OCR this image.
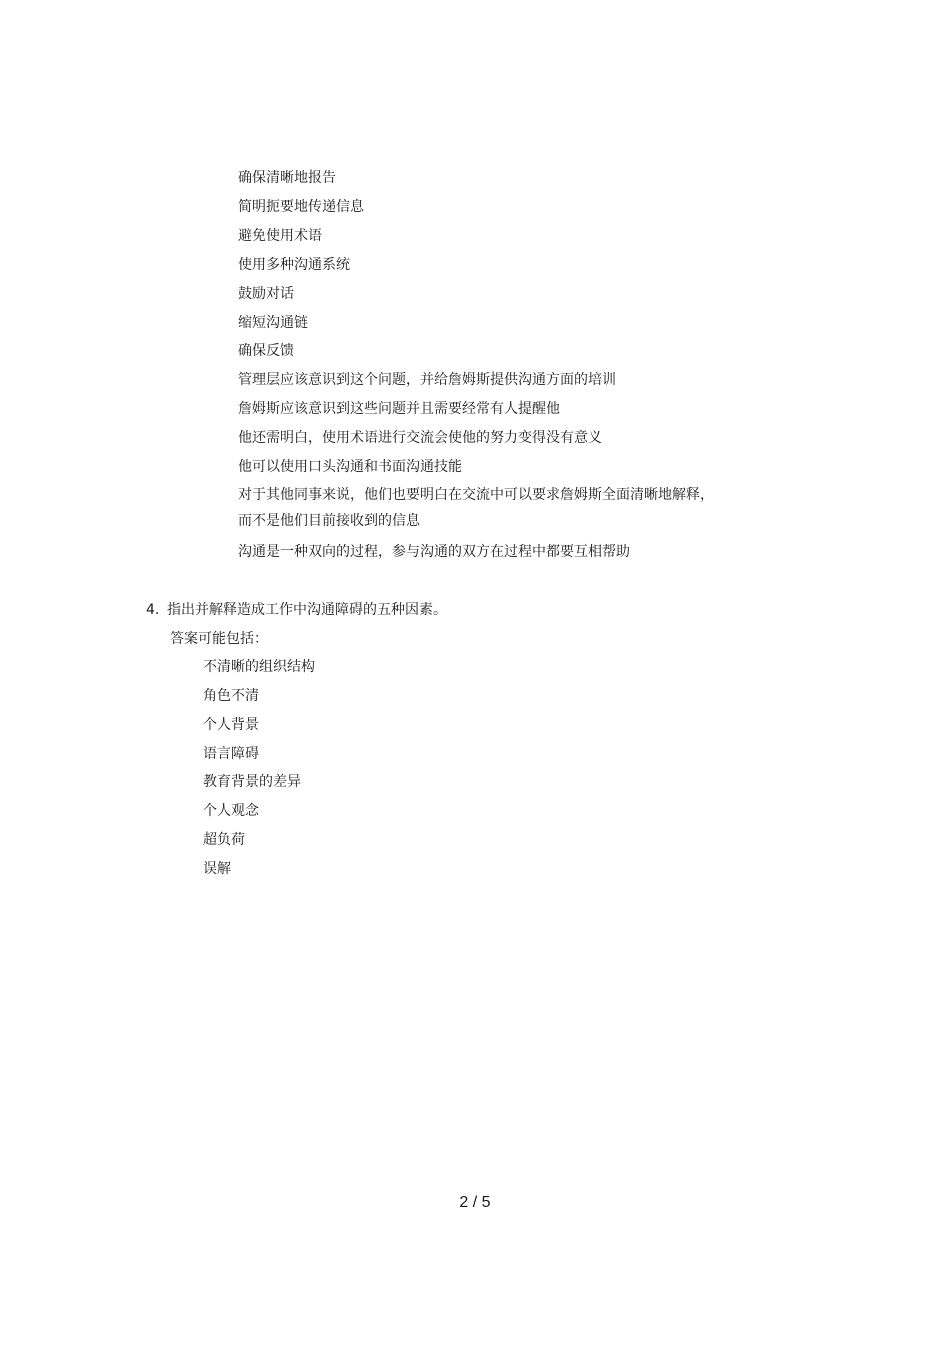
确保清晰地报告
简明扼要地传递信息
避免使用术语
使用多种沟通系统
鼓励对话
缩短沟通链
确保反馈
管理层应该意识到这个问题，并给詹姆斯提供沟通方面的培训
詹姆斯应该意识到这些问题并且需要经常有人提醒他
他还需明白，使用术语进行交流会使他的努力变得没有意义
他可以使用口头沟通和书面沟通技能
对于其他同事来说，他们也要明白在交流中可以要求詹姆斯全面清晰地解释，
而不是他们目前接收到的信息
沟通是一种双向的过程，参与沟通的双方在过程中都要互相帮助
4. 指出并解释造成工作中沟通障碍的五种因素。
答案可能包括：
不清晰的组织结构
角色不清
个人背景
语言障碍
教育背景的差异
个人观念
超负荷
误解
2 / 5
